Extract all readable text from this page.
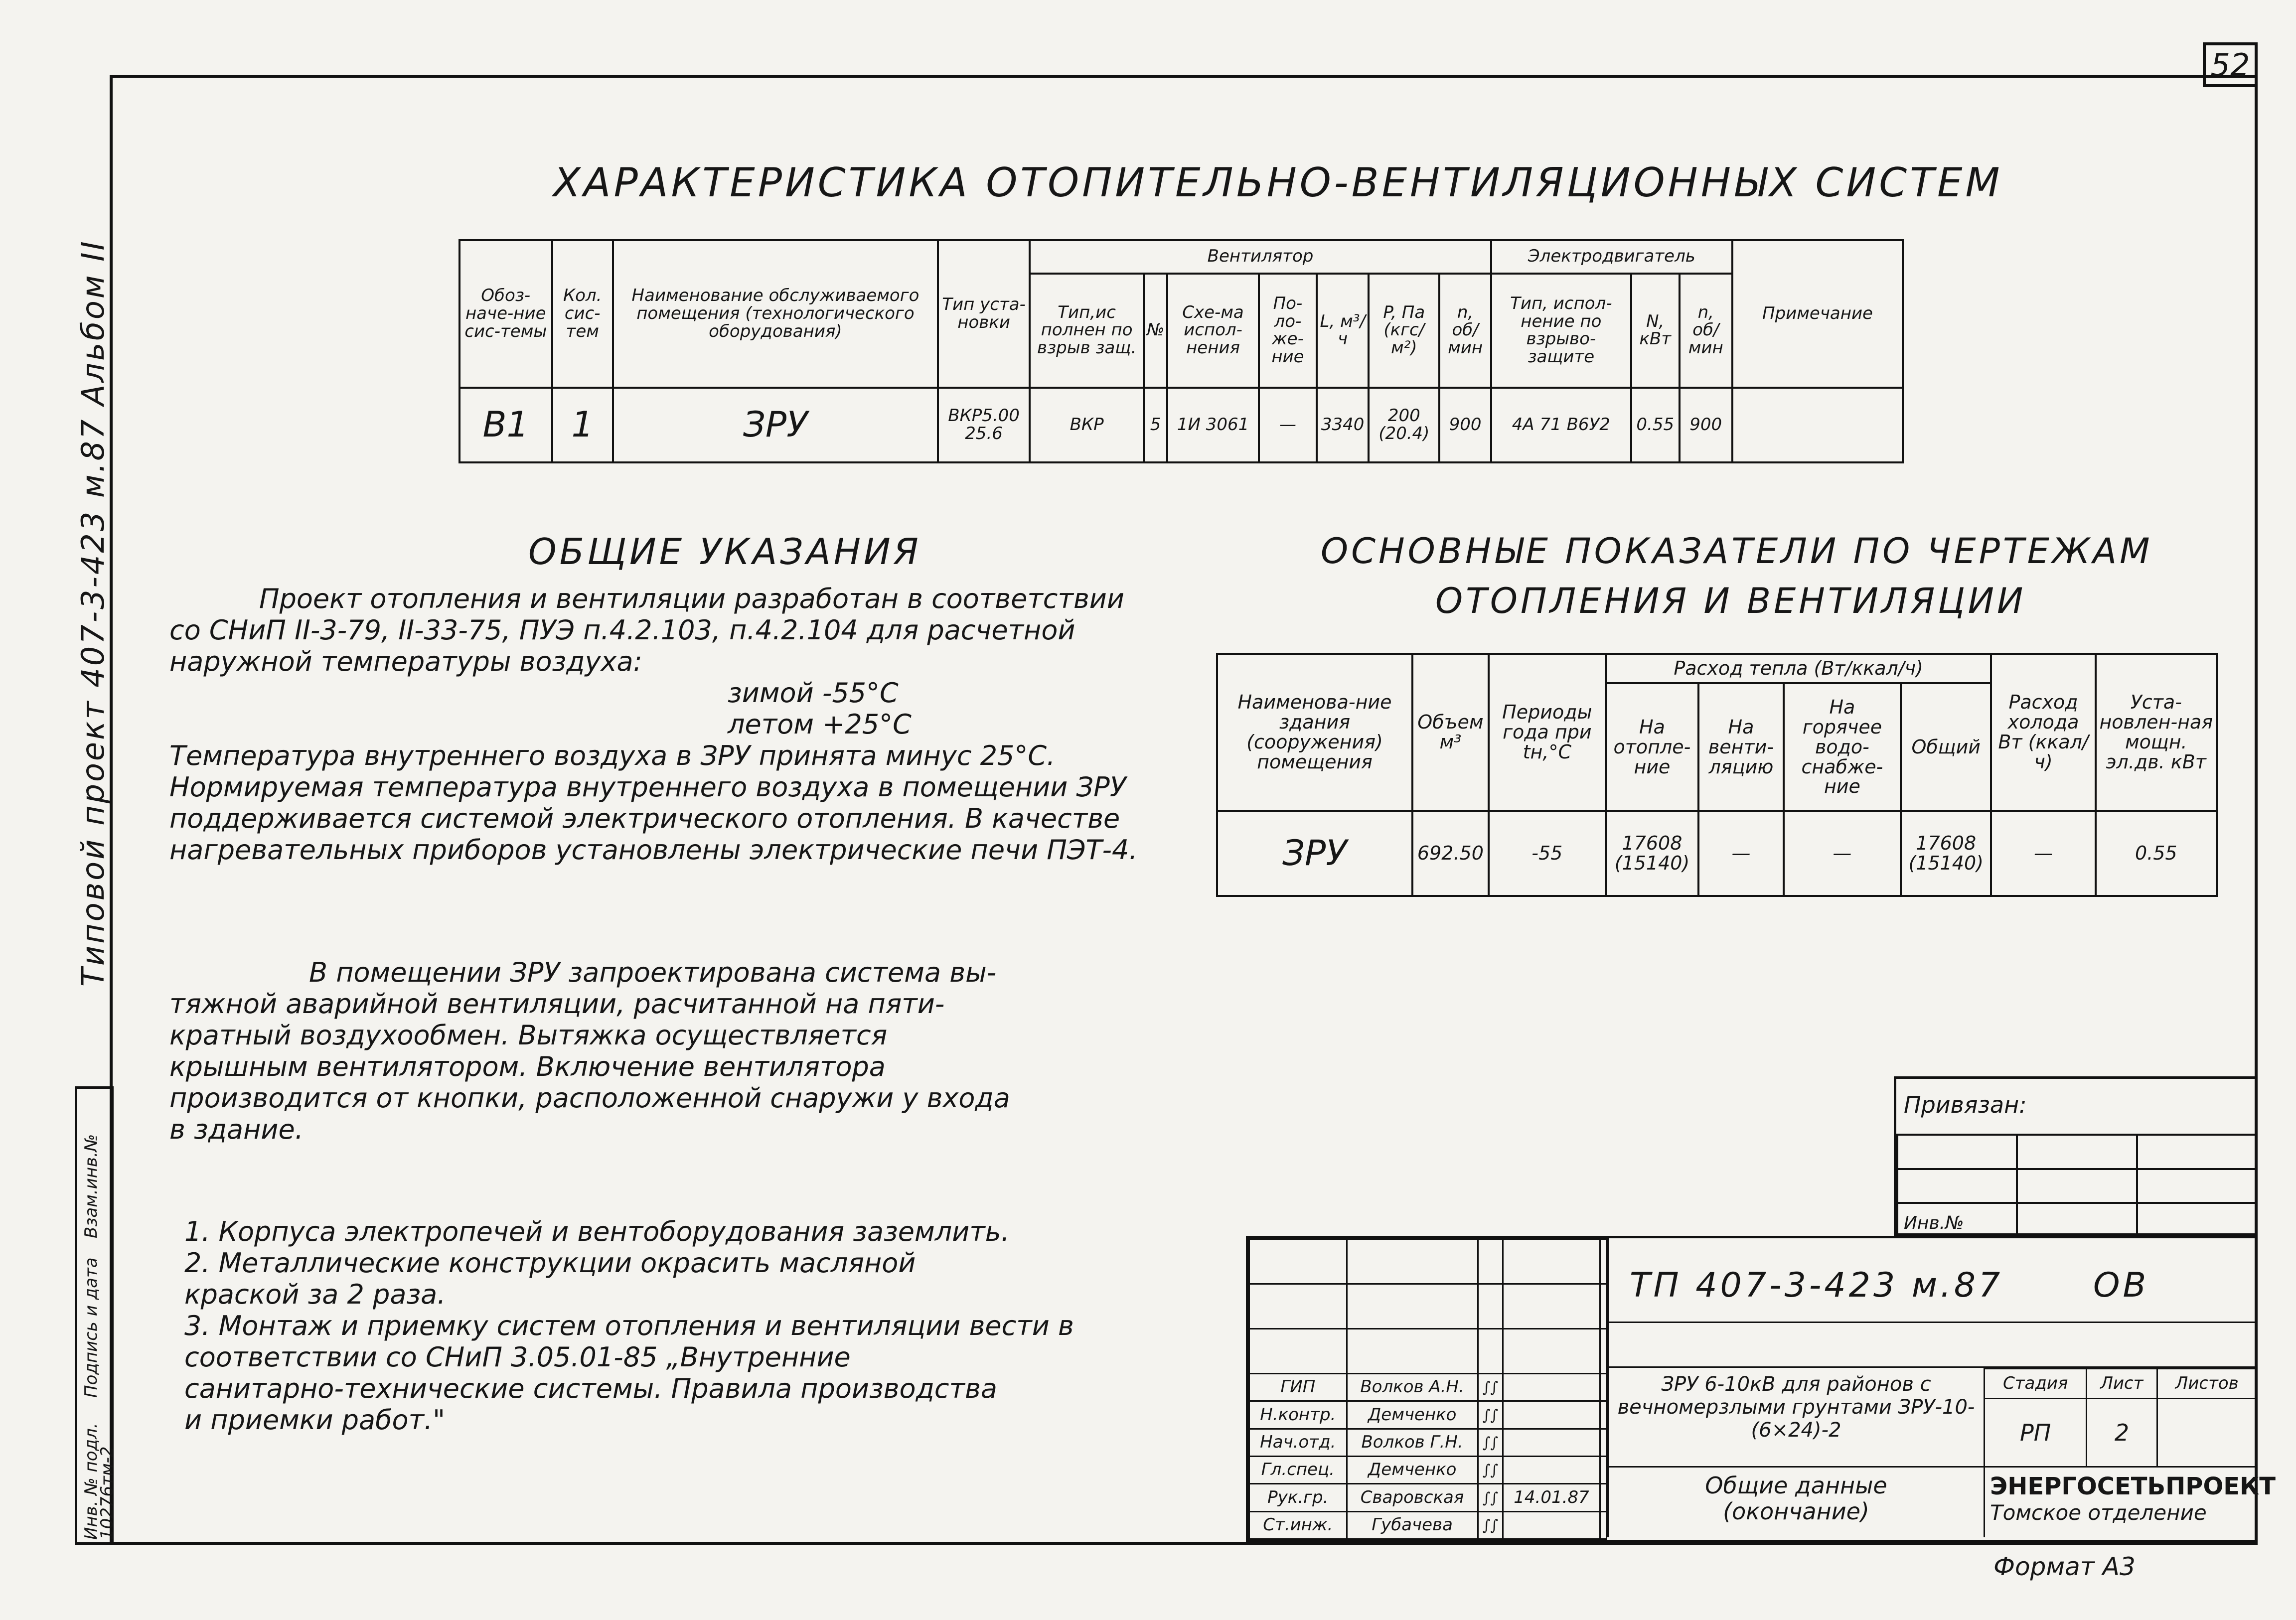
52
Типовой проект 407-3-423 м.87 Альбом II
Взам.инв.№
Подпись и дата
Инв. № подл.
10276тм-2
ХАРАКТЕРИСТИКА ОТОПИТЕЛЬНО-ВЕНТИЛЯЦИОННЫХ СИСТЕМ
Обоз-наче-ние сис-темы	Кол. сис-тем	Наименование обслуживаемого помещения (технологического оборудования)	Тип уста-новки	Вентилятор							Электродвигатель			Примечание
				Тип,ис полнен по взрыв защ.	№	Схе-ма испол-нения	По-ло-же-ние	L, м³/ч	P, Па (кгс/м²)	n, об/мин	Тип, испол-нение по взрыво-защите	N, кВт	n, об/мин	
В1	1	ЗРУ	ВКР5.00 25.6	ВКР	5	1И 3061	—	3340	200 (20.4)	900	4А 71 В6У2	0.55	900	
ОБЩИЕ УКАЗАНИЯ

Проект отопления и вентиляции разработан в соответствии

со СНиП II-3-79, II-33-75, ПУЭ п.4.2.103, п.4.2.104 для расчетной

наружной температуры воздуха:

зимой -55°С

летом +25°С

Температура внутреннего воздуха в ЗРУ принята минус 25°С.

Нормируемая температура внутреннего воздуха в помещении ЗРУ

поддерживается системой электрического отопления. В качестве

нагревательных приборов установлены электрические печи ПЭТ-4.

В помещении ЗРУ запроектирована система вы-

тяжной аварийной вентиляции, расчитанной на пяти-

кратный воздухообмен. Вытяжка осуществляется

крышным вентилятором. Включение вентилятора

производится от кнопки, расположенной снаружи у входа

в здание.

1. Корпуса электропечей и вентоборудования заземлить.

2. Металлические конструкции окрасить масляной

краской за 2 раза.

3. Монтаж и приемку систем отопления и вентиляции вести в

соответствии со СНиП 3.05.01-85 „Внутренние

санитарно-технические системы. Правила производства

и приемки работ."

ОСНОВНЫЕ ПОКАЗАТЕЛИ ПО ЧЕРТЕЖАМ
ОТОПЛЕНИЯ И ВЕНТИЛЯЦИИ
Наименова-ние здания (сооружения) помещения	Объем м³	Периоды года при tн,°С	Расход тепла (Вт/ккал/ч)				Расход холода Вт (ккал/ч)	Уста-новлен-ная мощн. эл.дв. кВт
			На отопле-ние	На венти-ляцию	На горячее водо-снабже-ние	Общий		
ЗРУ	692.50	-55	17608 (15140)	—	—	17608 (15140)	—	0.55
Привязан:

Инв.№

ГИП	Волков А.Н.	∫∫		
Н.контр.	Демченко	∫∫		
Нач.отд.	Волков Г.Н.	∫∫		
Гл.спец.	Демченко	∫∫		
Рук.гр.	Сваровская	∫∫	14.01.87	
Ст.инж.	Губачева	∫∫		
ЗРУ 6-10кВ для районов с вечномерзлыми грунтами ЗРУ-10-(6×24)-2
Общие данные
(окончание)
Стадия	Лист	Листов
РП	2	
ЭНЕРГОСЕТЬПРОЕКТ
Томское отделение
ТП 407-3-423 м.87	ОВ
Формат А3
